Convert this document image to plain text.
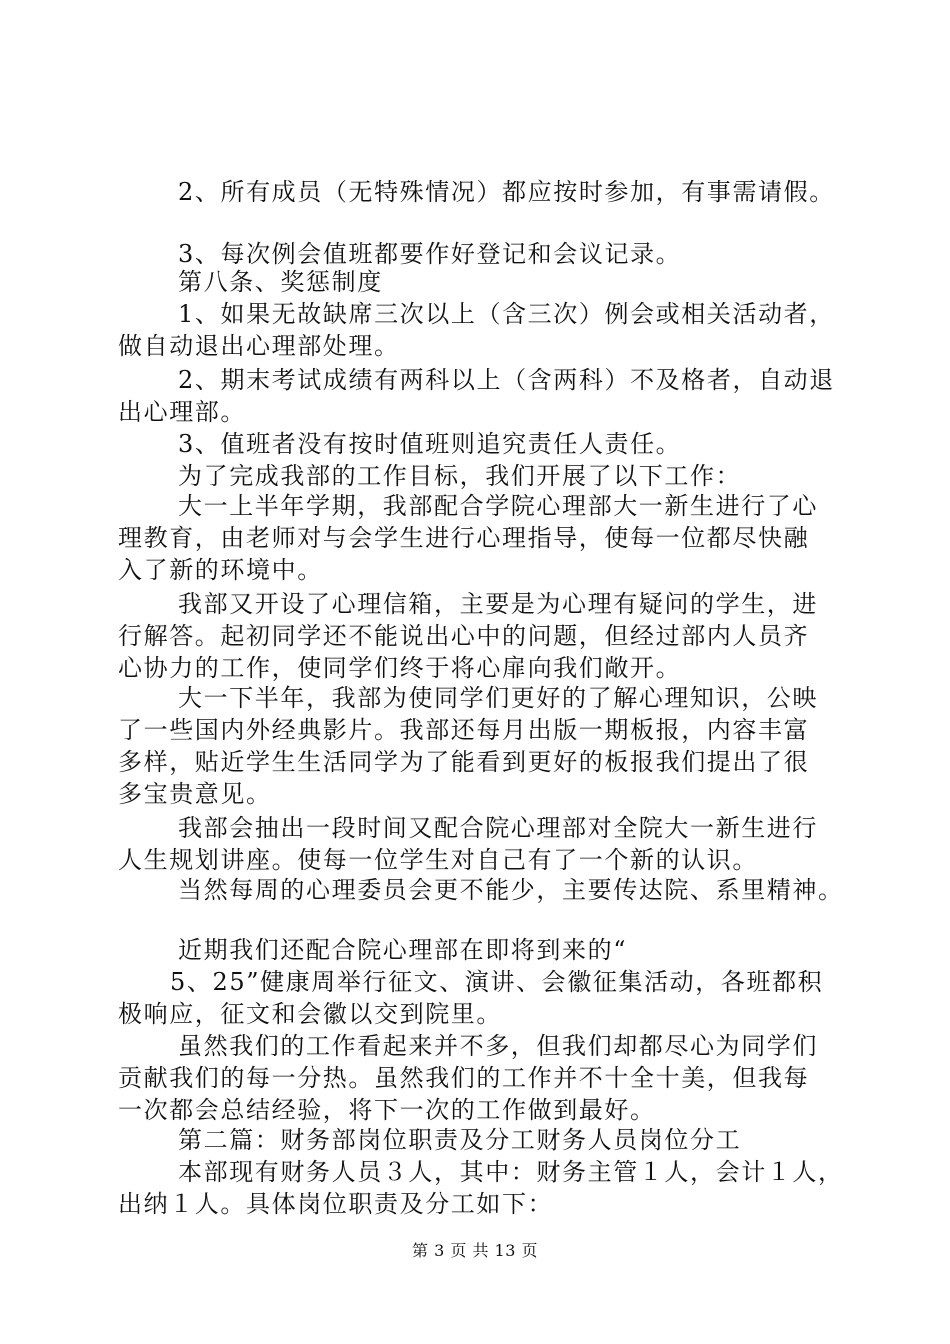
2、所有成员（无特殊情况）都应按时参加，有事需请假。
3、每次例会值班都要作好登记和会议记录。
第八条、奖惩制度
1、如果无故缺席三次以上（含三次）例会或相关活动者，
做自动退出心理部处理。
2、期末考试成绩有两科以上（含两科）不及格者，自动退
出心理部。
3、值班者没有按时值班则追究责任人责任。
为了完成我部的工作目标，我们开展了以下工作：
大一上半年学期，我部配合学院心理部大一新生进行了心
理教育，由老师对与会学生进行心理指导，使每一位都尽快融
入了新的环境中。
我部又开设了心理信箱，主要是为心理有疑问的学生，进
行解答。起初同学还不能说出心中的问题，但经过部内人员齐
心协力的工作，使同学们终于将心扉向我们敞开。
大一下半年，我部为使同学们更好的了解心理知识，公映
了一些国内外经典影片。我部还每月出版一期板报，内容丰富
多样，贴近学生生活同学为了能看到更好的板报我们提出了很
多宝贵意见。
我部会抽出一段时间又配合院心理部对全院大一新生进行
人生规划讲座。使每一位学生对自己有了一个新的认识。
当然每周的心理委员会更不能少，主要传达院、系里精神。
近期我们还配合院心理部在即将到来的“
5、25”健康周举行征文、演讲、会徽征集活动，各班都积
极响应，征文和会徽以交到院里。
虽然我们的工作看起来并不多，但我们却都尽心为同学们
贡献我们的每一分热。虽然我们的工作并不十全十美，但我每
一次都会总结经验，将下一次的工作做到最好。
第二篇：财务部岗位职责及分工财务人员岗位分工
本部现有财务人员３人，其中：财务主管１人，会计１人，
出纳１人。具体岗位职责及分工如下：
第 3 页 共 13 页
